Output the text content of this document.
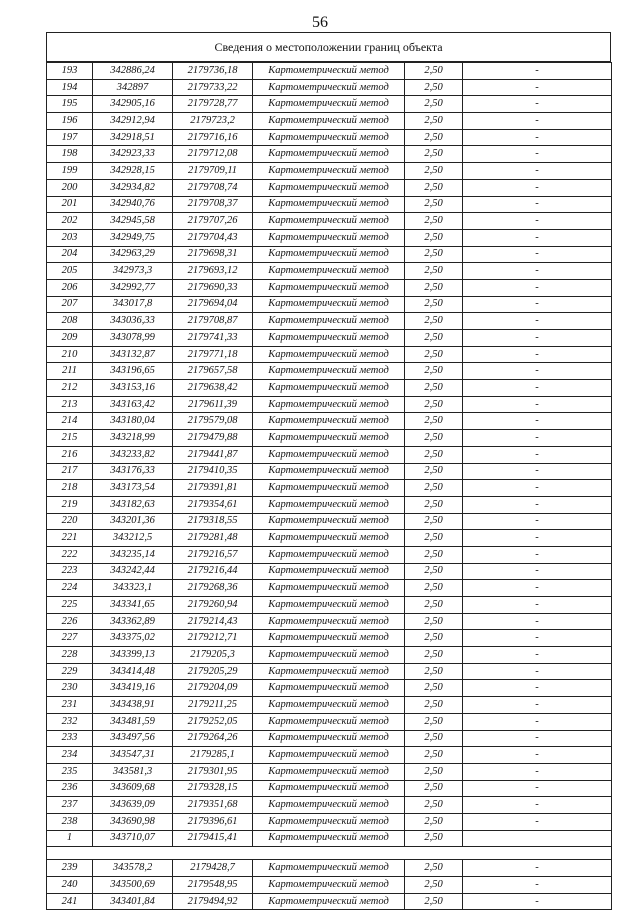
56
Сведения о местоположении границ объекта
193	342886,24	2179736,18	Картометрический метод	2,50	-
194	342897	2179733,22	Картометрический метод	2,50	-
195	342905,16	2179728,77	Картометрический метод	2,50	-
196	342912,94	2179723,2	Картометрический метод	2,50	-
197	342918,51	2179716,16	Картометрический метод	2,50	-
198	342923,33	2179712,08	Картометрический метод	2,50	-
199	342928,15	2179709,11	Картометрический метод	2,50	-
200	342934,82	2179708,74	Картометрический метод	2,50	-
201	342940,76	2179708,37	Картометрический метод	2,50	-
202	342945,58	2179707,26	Картометрический метод	2,50	-
203	342949,75	2179704,43	Картометрический метод	2,50	-
204	342963,29	2179698,31	Картометрический метод	2,50	-
205	342973,3	2179693,12	Картометрический метод	2,50	-
206	342992,77	2179690,33	Картометрический метод	2,50	-
207	343017,8	2179694,04	Картометрический метод	2,50	-
208	343036,33	2179708,87	Картометрический метод	2,50	-
209	343078,99	2179741,33	Картометрический метод	2,50	-
210	343132,87	2179771,18	Картометрический метод	2,50	-
211	343196,65	2179657,58	Картометрический метод	2,50	-
212	343153,16	2179638,42	Картометрический метод	2,50	-
213	343163,42	2179611,39	Картометрический метод	2,50	-
214	343180,04	2179579,08	Картометрический метод	2,50	-
215	343218,99	2179479,88	Картометрический метод	2,50	-
216	343233,82	2179441,87	Картометрический метод	2,50	-
217	343176,33	2179410,35	Картометрический метод	2,50	-
218	343173,54	2179391,81	Картометрический метод	2,50	-
219	343182,63	2179354,61	Картометрический метод	2,50	-
220	343201,36	2179318,55	Картометрический метод	2,50	-
221	343212,5	2179281,48	Картометрический метод	2,50	-
222	343235,14	2179216,57	Картометрический метод	2,50	-
223	343242,44	2179216,44	Картометрический метод	2,50	-
224	343323,1	2179268,36	Картометрический метод	2,50	-
225	343341,65	2179260,94	Картометрический метод	2,50	-
226	343362,89	2179214,43	Картометрический метод	2,50	-
227	343375,02	2179212,71	Картометрический метод	2,50	-
228	343399,13	2179205,3	Картометрический метод	2,50	-
229	343414,48	2179205,29	Картометрический метод	2,50	-
230	343419,16	2179204,09	Картометрический метод	2,50	-
231	343438,91	2179211,25	Картометрический метод	2,50	-
232	343481,59	2179252,05	Картометрический метод	2,50	-
233	343497,56	2179264,26	Картометрический метод	2,50	-
234	343547,31	2179285,1	Картометрический метод	2,50	-
235	343581,3	2179301,95	Картометрический метод	2,50	-
236	343609,68	2179328,15	Картометрический метод	2,50	-
237	343639,09	2179351,68	Картометрический метод	2,50	-
238	343690,98	2179396,61	Картометрический метод	2,50	-
1	343710,07	2179415,41	Картометрический метод	2,50	

239	343578,2	2179428,7	Картометрический метод	2,50	-
240	343500,69	2179548,95	Картометрический метод	2,50	-
241	343401,84	2179494,92	Картометрический метод	2,50	-
